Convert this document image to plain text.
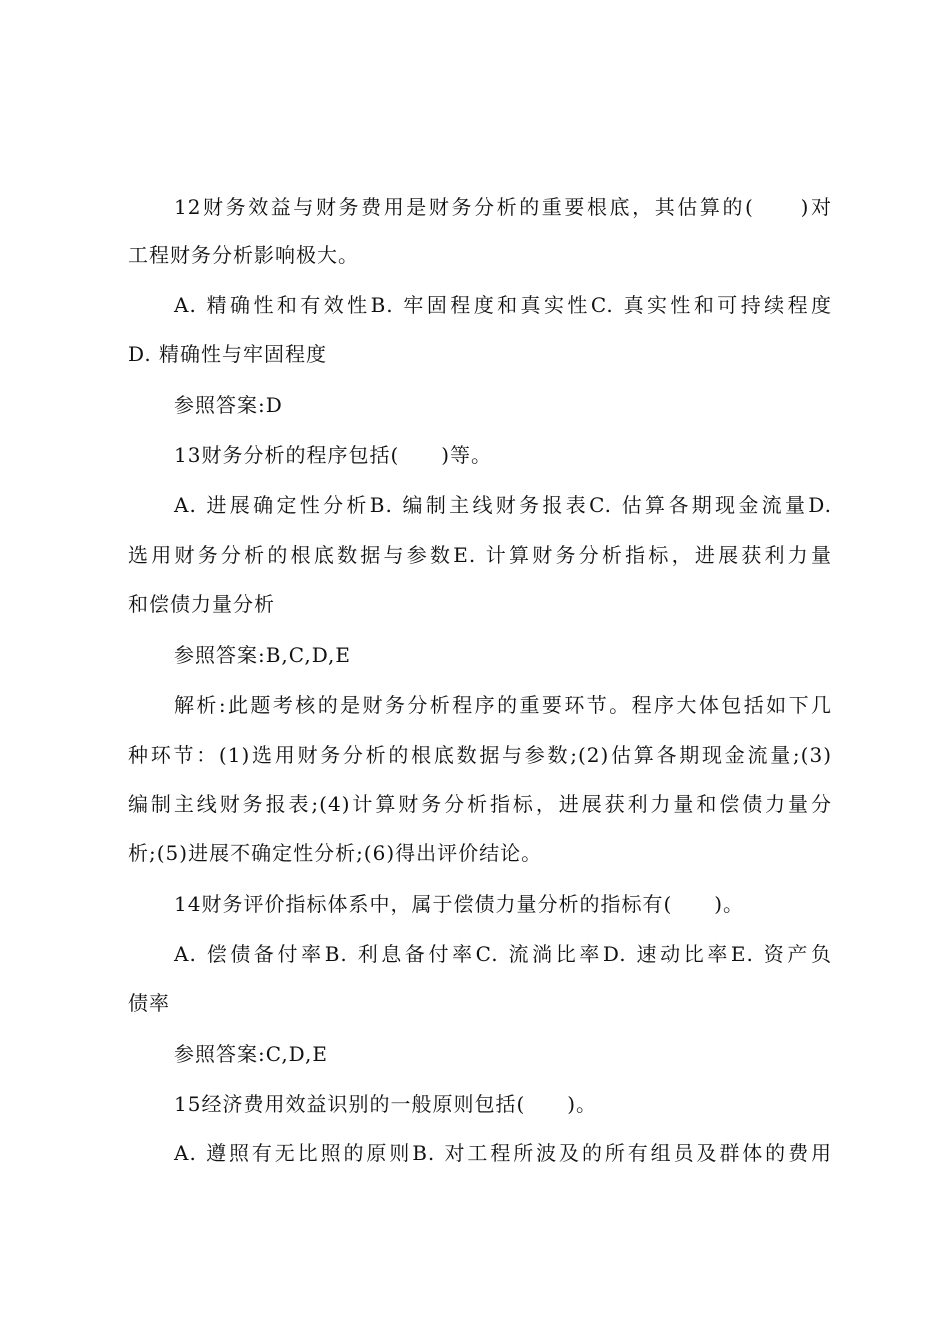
12财务效益与财务费用是财务分析的重要根底，其估算的(　　)对
工程财务分析影响极大。
A. 精确性和有效性B. 牢固程度和真实性C. 真实性和可持续程度
D. 精确性与牢固程度
参照答案:D
13财务分析的程序包括(　　)等。
A. 进展确定性分析B. 编制主线财务报表C. 估算各期现金流量D.
选用财务分析的根底数据与参数E. 计算财务分析指标，进展获利力量
和偿债力量分析
参照答案:B,C,D,E
解析:此题考核的是财务分析程序的重要环节。程序大体包括如下几
种环节：(1)选用财务分析的根底数据与参数;(2)估算各期现金流量;(3)
编制主线财务报表;(4)计算财务分析指标，进展获利力量和偿债力量分
析;(5)进展不确定性分析;(6)得出评价结论。
14财务评价指标体系中，属于偿债力量分析的指标有(　　)。
A. 偿债备付率B. 利息备付率C. 流淌比率D. 速动比率E. 资产负
债率
参照答案:C,D,E
15经济费用效益识别的一般原则包括(　　)。
A. 遵照有无比照的原则B. 对工程所波及的所有组员及群体的费用
